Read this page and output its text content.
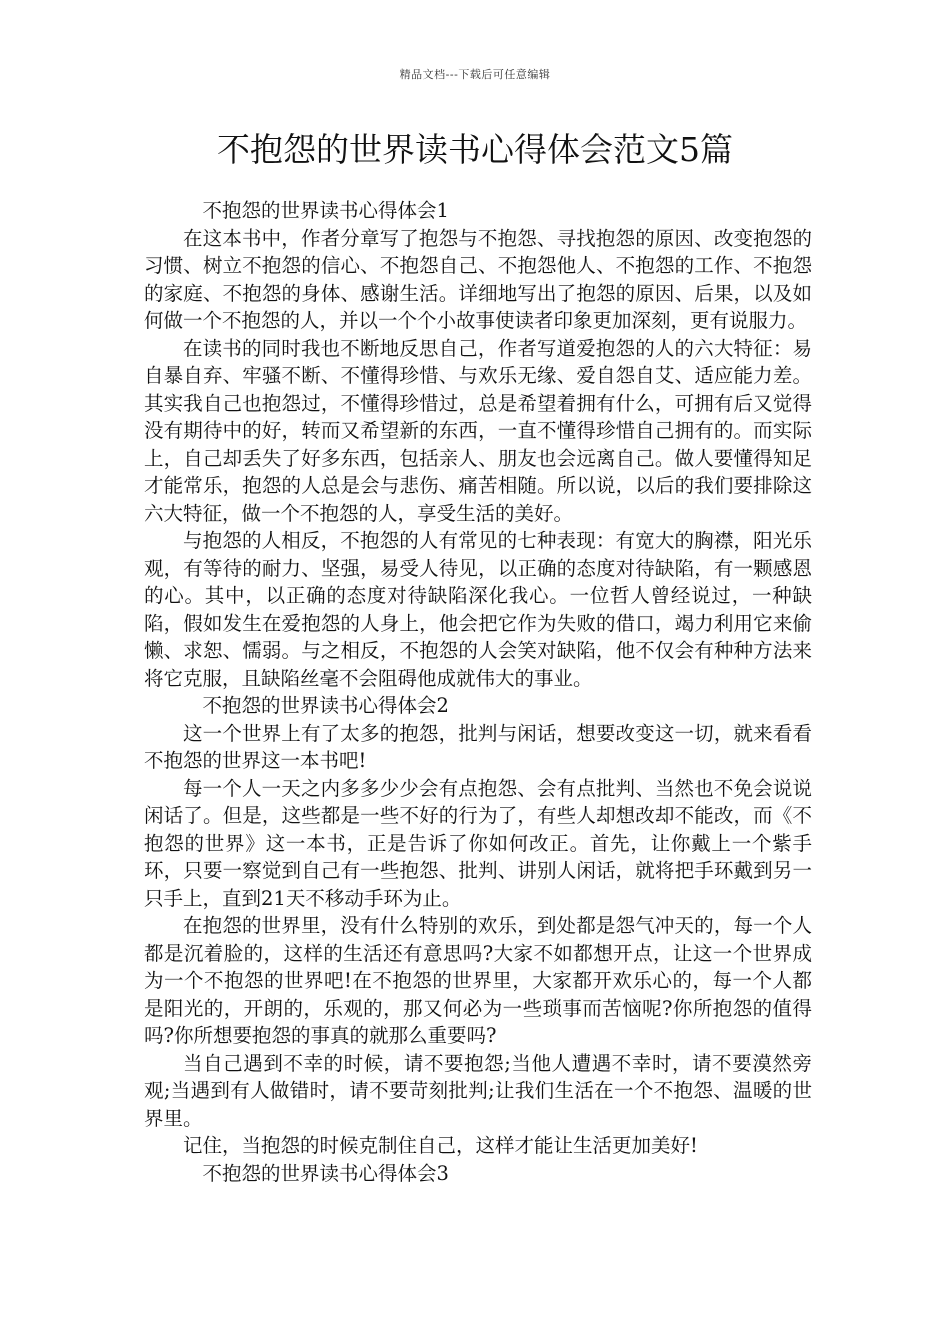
精品文档---下载后可任意编辑
不抱怨的世界读书心得体会范文5篇

不抱怨的世界读书心得体会1

在这本书中，作者分章写了抱怨与不抱怨、寻找抱怨的原因、改变抱怨的习惯、树立不抱怨的信心、不抱怨自己、不抱怨他人、不抱怨的工作、不抱怨的家庭、不抱怨的身体、感谢生活。详细地写出了抱怨的原因、后果，以及如何做一个不抱怨的人，并以一个个小故事使读者印象更加深刻，更有说服力。

在读书的同时我也不断地反思自己，作者写道爱抱怨的人的六大特征：易自暴自弃、牢骚不断、不懂得珍惜、与欢乐无缘、爱自怨自艾、适应能力差。其实我自己也抱怨过，不懂得珍惜过，总是希望着拥有什么，可拥有后又觉得没有期待中的好，转而又希望新的东西，一直不懂得珍惜自己拥有的。而实际上，自己却丢失了好多东西，包括亲人、朋友也会远离自己。做人要懂得知足才能常乐，抱怨的人总是会与悲伤、痛苦相随。所以说，以后的我们要排除这六大特征，做一个不抱怨的人，享受生活的美好。

与抱怨的人相反，不抱怨的人有常见的七种表现：有宽大的胸襟，阳光乐观，有等待的耐力、坚强，易受人待见，以正确的态度对待缺陷，有一颗感恩的心。其中，以正确的态度对待缺陷深化我心。一位哲人曾经说过，一种缺陷，假如发生在爱抱怨的人身上，他会把它作为失败的借口，竭力利用它来偷懒、求恕、懦弱。与之相反，不抱怨的人会笑对缺陷，他不仅会有种种方法来将它克服，且缺陷丝毫不会阻碍他成就伟大的事业。

不抱怨的世界读书心得体会2

这一个世界上有了太多的抱怨，批判与闲话，想要改变这一切，就来看看不抱怨的世界这一本书吧!

每一个人一天之内多多少少会有点抱怨、会有点批判、当然也不免会说说闲话了。但是，这些都是一些不好的行为了，有些人却想改却不能改，而《不抱怨的世界》这一本书，正是告诉了你如何改正。首先，让你戴上一个紫手环，只要一察觉到自己有一些抱怨、批判、讲别人闲话，就将把手环戴到另一只手上，直到21天不移动手环为止。

在抱怨的世界里，没有什么特别的欢乐，到处都是怨气冲天的，每一个人都是沉着脸的，这样的生活还有意思吗?大家不如都想开点，让这一个世界成为一个不抱怨的世界吧!在不抱怨的世界里，大家都开欢乐心的，每一个人都是阳光的，开朗的，乐观的，那又何必为一些琐事而苦恼呢?你所抱怨的值得吗?你所想要抱怨的事真的就那么重要吗?

当自己遇到不幸的时候，请不要抱怨;当他人遭遇不幸时，请不要漠然旁观;当遇到有人做错时，请不要苛刻批判;让我们生活在一个不抱怨、温暖的世界里。

记住，当抱怨的时候克制住自己，这样才能让生活更加美好!

不抱怨的世界读书心得体会3
